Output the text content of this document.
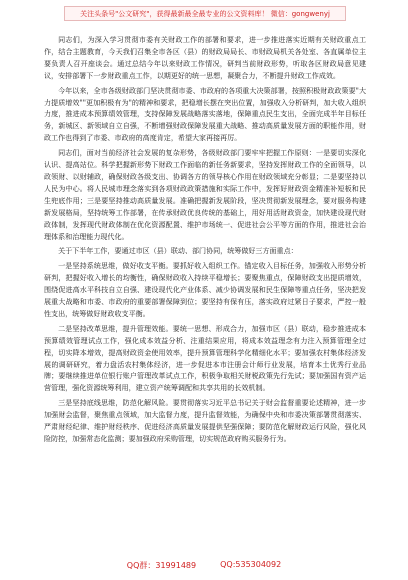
关注头条号"公文研究"，获得最新最全最专业的公文资料库！ 微信：gongwenyj

同志们，为深入学习贯彻市委有关财政工作的部署和要求，进一步推进落实近期有关财政重点工作，结合主题教育，今天我们召集全市各区（县）的财政局局长、市财政局机关各处室、各直属单位主要负责人召开座谈会。通过总结今年以来财政工作情况，研判当前财政形势，听取各区财政局意见建议，安排部署下一步财政重点工作，以期更好的统一思想，凝聚合力，不断提升财政工作成效。

今年以来，全市各级财政部门坚决贯彻市委、市政府的各项重大决策部署，按照积极财政政策要"大力提质增效""更加积极有为"的精神和要求，把稳增长摆在突出位置，加强收入分析研判，加大收入组织力度，推进成本预算绩效管理，支持保障发展战略落实落地，保障重点民生支出，全面完成半年目标任务，新城区、新领域自立自强，不断增强财政保障发展重大战略、推动高质量发展方面的职能作用，财政工作也得到了市委、市政府的高度肯定，希望大家再接再厉。

同志们，面对当前经济社会发展的复杂形势，各级财政部门要牢牢把握工作原则：一是要切实深化认识、提高站位。科学把握新形势下财政工作面临的新任务新要求，坚持发挥财政工作的全面领导，以政领财、以财辅政，确保财政各级支出、协调各方的领导核心作用在财政领域充分彰显；二是要坚持以人民为中心。将人民城市理念落实到各项财政政策措施和实际工作中，发挥好财政资金精准补短板和民生兜底作用；三是要坚持推动高质量发展。准确把握新发展阶段，坚决贯彻新发展理念，要对服务构建新发展格局，坚持统筹工作部署，在传承财政优良传统的基础上，用好用活财政资金，加快建设现代财政体制，发挥现代财政体制在优化资源配置、维护市场统一、促进社会公平等方面的作用，推进社会治理体系和治理能力现代化。

关于下半年工作，要通过市区（县）联动、部门协同，统筹做好三方面重点：

一是坚持系统思维，做好收支平衡。要抓好收入组织工作。锚定收入目标任务，加强收入形势分析研判，把握好收入增长的均衡性，确保财政收入持续平稳增长；要聚焦重点，保障财政支出提质增效，围绕促进高水平科技自立自强、建设现代化产业体系、减少协调发展和民生保障等重点任务，坚决把发展重大战略和市委、市政府的重要部署保障到位；要坚持有保有压，落实政府过紧日子要求，严控一般性支出，统筹做好财政收支平衡。

二是坚持改革思维，提升管理效能。要统一思想、形成合力，加强市区（县）联动，稳步推进成本预算绩效管理试点工作，强化成本效益分析、注重结果应用，将成本效益理念有力注入预算管理全过程，切实降本增效，提高财政资金使用效率，提升预算管理科学化精细化水平；要加强农村集体经济发展的调研研究，着力盘活农村集体经济，进一步促进本市注册会计师行业发展，培育本土优秀行业品牌；要继续推进单位银行账户管理改革试点工作，积极争取相关财税政策先行先试；要加强国有资产运营管理，强化资源统筹利用，建立资产统筹调配和共享共用的长效机制。

三是坚持底线思维，防范化解风险。要贯彻落实习近平总书记关于财会监督重要论述精神，进一步加强财会监督，聚焦重点领域，加大监督力度，提升监督效能，为确保中央和市委决策部署贯彻落实、严肃财经纪律、维护财经秩序、促进经济高质量发展提供坚强保障；要防范化解财政运行风险，强化风险防控，加强常态化监测；要加强政府采购管理，切实规范政府购买服务行为。

QQ群：31991489	QQ:535304092
